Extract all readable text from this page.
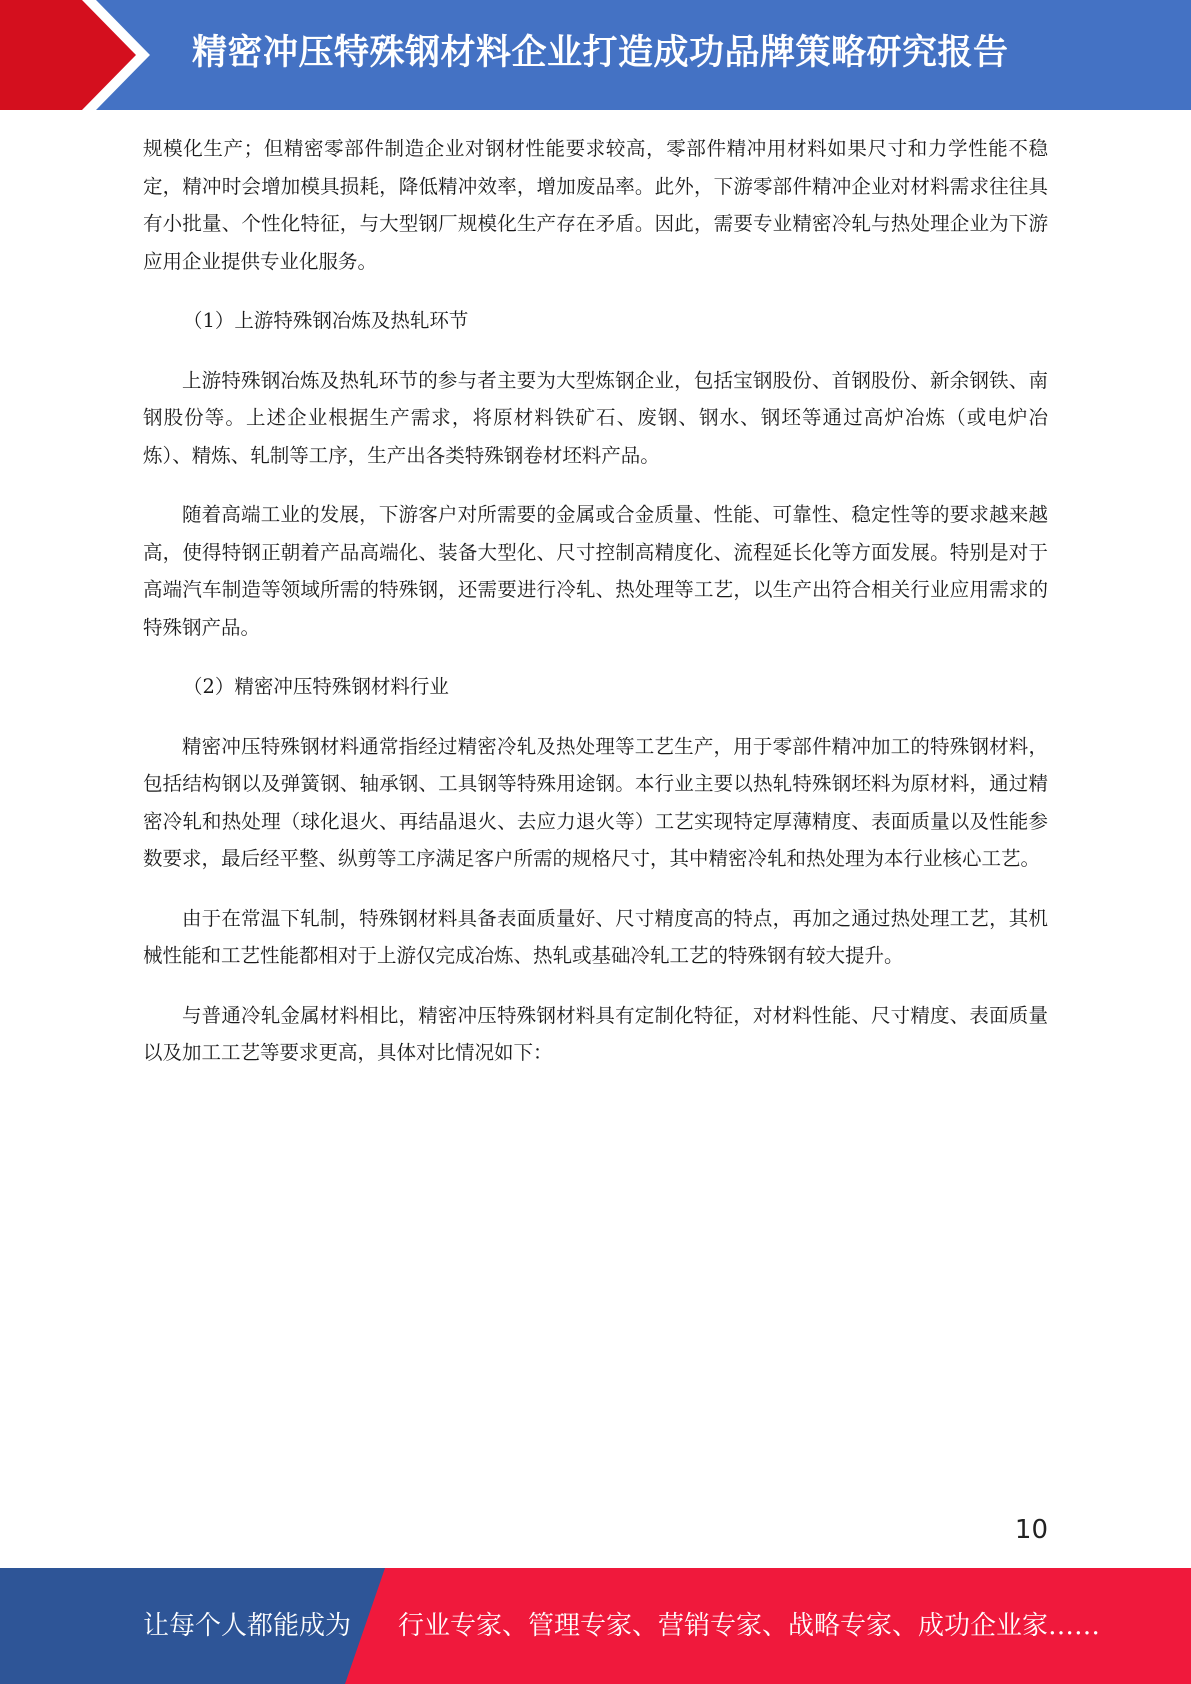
精密冲压特殊钢材料企业打造成功品牌策略研究报告

规模化生产；但精密零部件制造企业对钢材性能要求较高，零部件精冲用材料如果尺寸和力学性能不稳定，精冲时会增加模具损耗，降低精冲效率，增加废品率。此外，下游零部件精冲企业对材料需求往往具有小批量、个性化特征，与大型钢厂规模化生产存在矛盾。因此，需要专业精密冷轧与热处理企业为下游应用企业提供专业化服务。

（1）上游特殊钢冶炼及热轧环节

上游特殊钢冶炼及热轧环节的参与者主要为大型炼钢企业，包括宝钢股份、首钢股份、新余钢铁、南钢股份等。上述企业根据生产需求，将原材料铁矿石、废钢、钢水、钢坯等通过高炉冶炼（或电炉冶炼）、精炼、轧制等工序，生产出各类特殊钢卷材坯料产品。

随着高端工业的发展，下游客户对所需要的金属或合金质量、性能、可靠性、稳定性等的要求越来越高，使得特钢正朝着产品高端化、装备大型化、尺寸控制高精度化、流程延长化等方面发展。特别是对于高端汽车制造等领域所需的特殊钢，还需要进行冷轧、热处理等工艺，以生产出符合相关行业应用需求的特殊钢产品。

（2）精密冲压特殊钢材料行业

精密冲压特殊钢材料通常指经过精密冷轧及热处理等工艺生产，用于零部件精冲加工的特殊钢材料，包括结构钢以及弹簧钢、轴承钢、工具钢等特殊用途钢。本行业主要以热轧特殊钢坯料为原材料，通过精密冷轧和热处理（球化退火、再结晶退火、去应力退火等）工艺实现特定厚薄精度、表面质量以及性能参数要求，最后经平整、纵剪等工序满足客户所需的规格尺寸，其中精密冷轧和热处理为本行业核心工艺。

由于在常温下轧制，特殊钢材料具备表面质量好、尺寸精度高的特点，再加之通过热处理工艺，其机械性能和工艺性能都相对于上游仅完成冶炼、热轧或基础冷轧工艺的特殊钢有较大提升。

与普通冷轧金属材料相比，精密冲压特殊钢材料具有定制化特征，对材料性能、尺寸精度、表面质量以及加工工艺等要求更高，具体对比情况如下：

10
让每个人都能成为 行业专家、管理专家、营销专家、战略专家、成功企业家……
